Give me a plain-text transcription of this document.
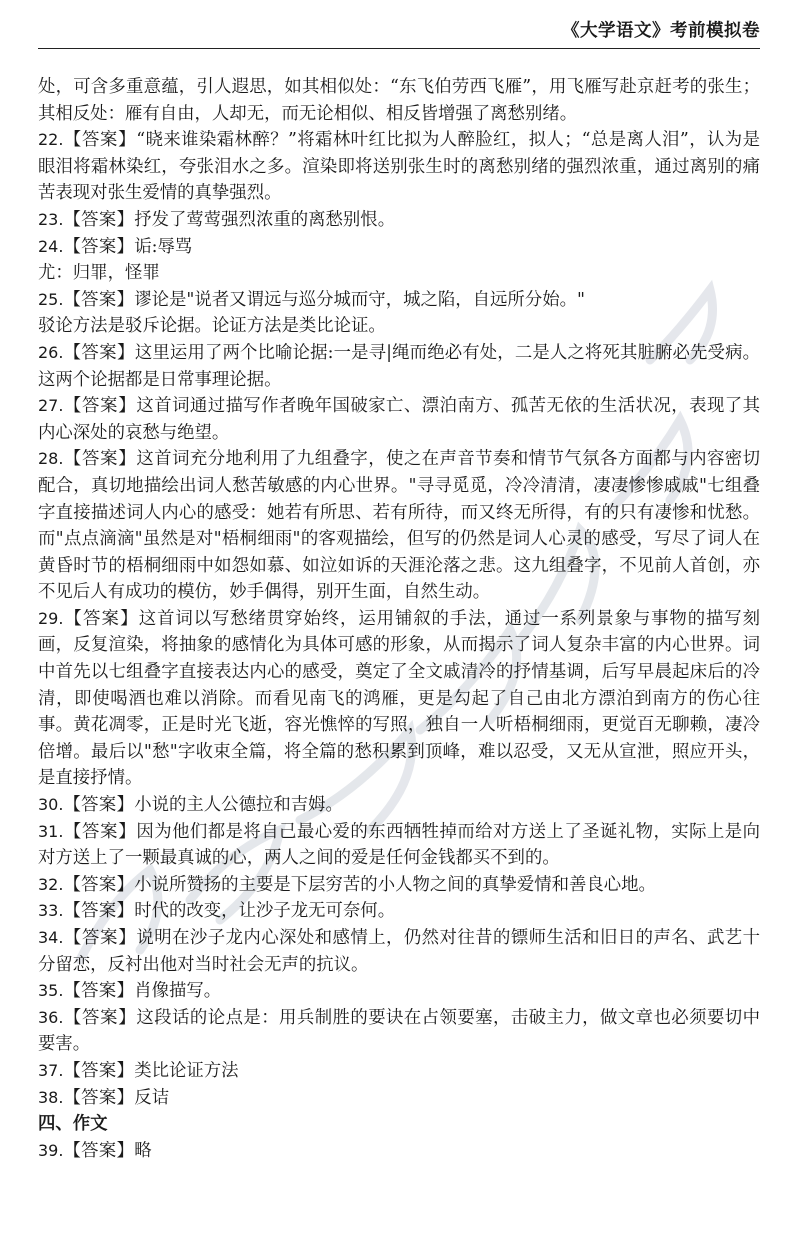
《大学语文》考前模拟卷

处，可含多重意蕴，引人遐思，如其相似处：“东飞伯劳西飞雁”，用飞雁写赴京赶考的张生；其相反处：雁有自由，人却无，而无论相似、相反皆增强了离愁别绪。

22.【答案】“晓来谁染霜林醉？”将霜林叶红比拟为人醉脸红，拟人；“总是离人泪”，认为是眼泪将霜林染红，夸张泪水之多。渲染即将送别张生时的离愁别绪的强烈浓重，通过离别的痛苦表现对张生爱情的真挚强烈。

23.【答案】抒发了莺莺强烈浓重的离愁别恨。

24.【答案】诟:辱骂

尤：归罪，怪罪

25.【答案】谬论是"说者又谓远与巡分城而守，城之陷，自远所分始。"

驳论方法是驳斥论据。论证方法是类比论证。

26.【答案】这里运用了两个比喻论据:一是寻|绳而绝必有处，二是人之将死其脏腑必先受病。这两个论据都是日常事理论据。

27.【答案】这首词通过描写作者晚年国破家亡、漂泊南方、孤苦无依的生活状况，表现了其内心深处的哀愁与绝望。

28.【答案】这首词充分地利用了九组叠字，使之在声音节奏和情节气氛各方面都与内容密切配合，真切地描绘出词人愁苦敏感的内心世界。"寻寻觅觅，冷冷清清，凄凄惨惨戚戚"七组叠字直接描述词人内心的感受：她若有所思、若有所待，而又终无所得，有的只有凄惨和忧愁。而"点点滴滴"虽然是对"梧桐细雨"的客观描绘，但写的仍然是词人心灵的感受，写尽了词人在黄昏时节的梧桐细雨中如怨如慕、如泣如诉的天涯沦落之悲。这九组叠字，不见前人首创，亦不见后人有成功的模仿，妙手偶得，别开生面，自然生动。

29.【答案】这首词以写愁绪贯穿始终，运用铺叙的手法，通过一系列景象与事物的描写刻画，反复渲染，将抽象的感情化为具体可感的形象，从而揭示了词人复杂丰富的内心世界。词中首先以七组叠字直接表达内心的感受，奠定了全文戚清冷的抒情基调，后写早晨起床后的冷清，即使喝酒也难以消除。而看见南飞的鸿雁，更是勾起了自己由北方漂泊到南方的伤心往事。黄花凋零，正是时光飞逝，容光憔悴的写照，独自一人听梧桐细雨，更觉百无聊赖，凄冷倍增。最后以"愁"字收束全篇，将全篇的愁积累到顶峰，难以忍受，又无从宣泄，照应开头，是直接抒情。

30.【答案】小说的主人公德拉和吉姆。

31.【答案】因为他们都是将自己最心爱的东西牺牲掉而给对方送上了圣诞礼物，实际上是向对方送上了一颗最真诚的心，两人之间的爱是任何金钱都买不到的。

32.【答案】小说所赞扬的主要是下层穷苦的小人物之间的真挚爱情和善良心地。

33.【答案】时代的改变，让沙子龙无可奈何。

34.【答案】说明在沙子龙内心深处和感情上，仍然对往昔的镖师生活和旧日的声名、武艺十分留恋，反衬出他对当时社会无声的抗议。

35.【答案】肖像描写。

36.【答案】这段话的论点是：用兵制胜的要诀在占领要塞，击破主力，做文章也必须要切中要害。

37.【答案】类比论证方法

38.【答案】反诘

四、作文

39.【答案】略
